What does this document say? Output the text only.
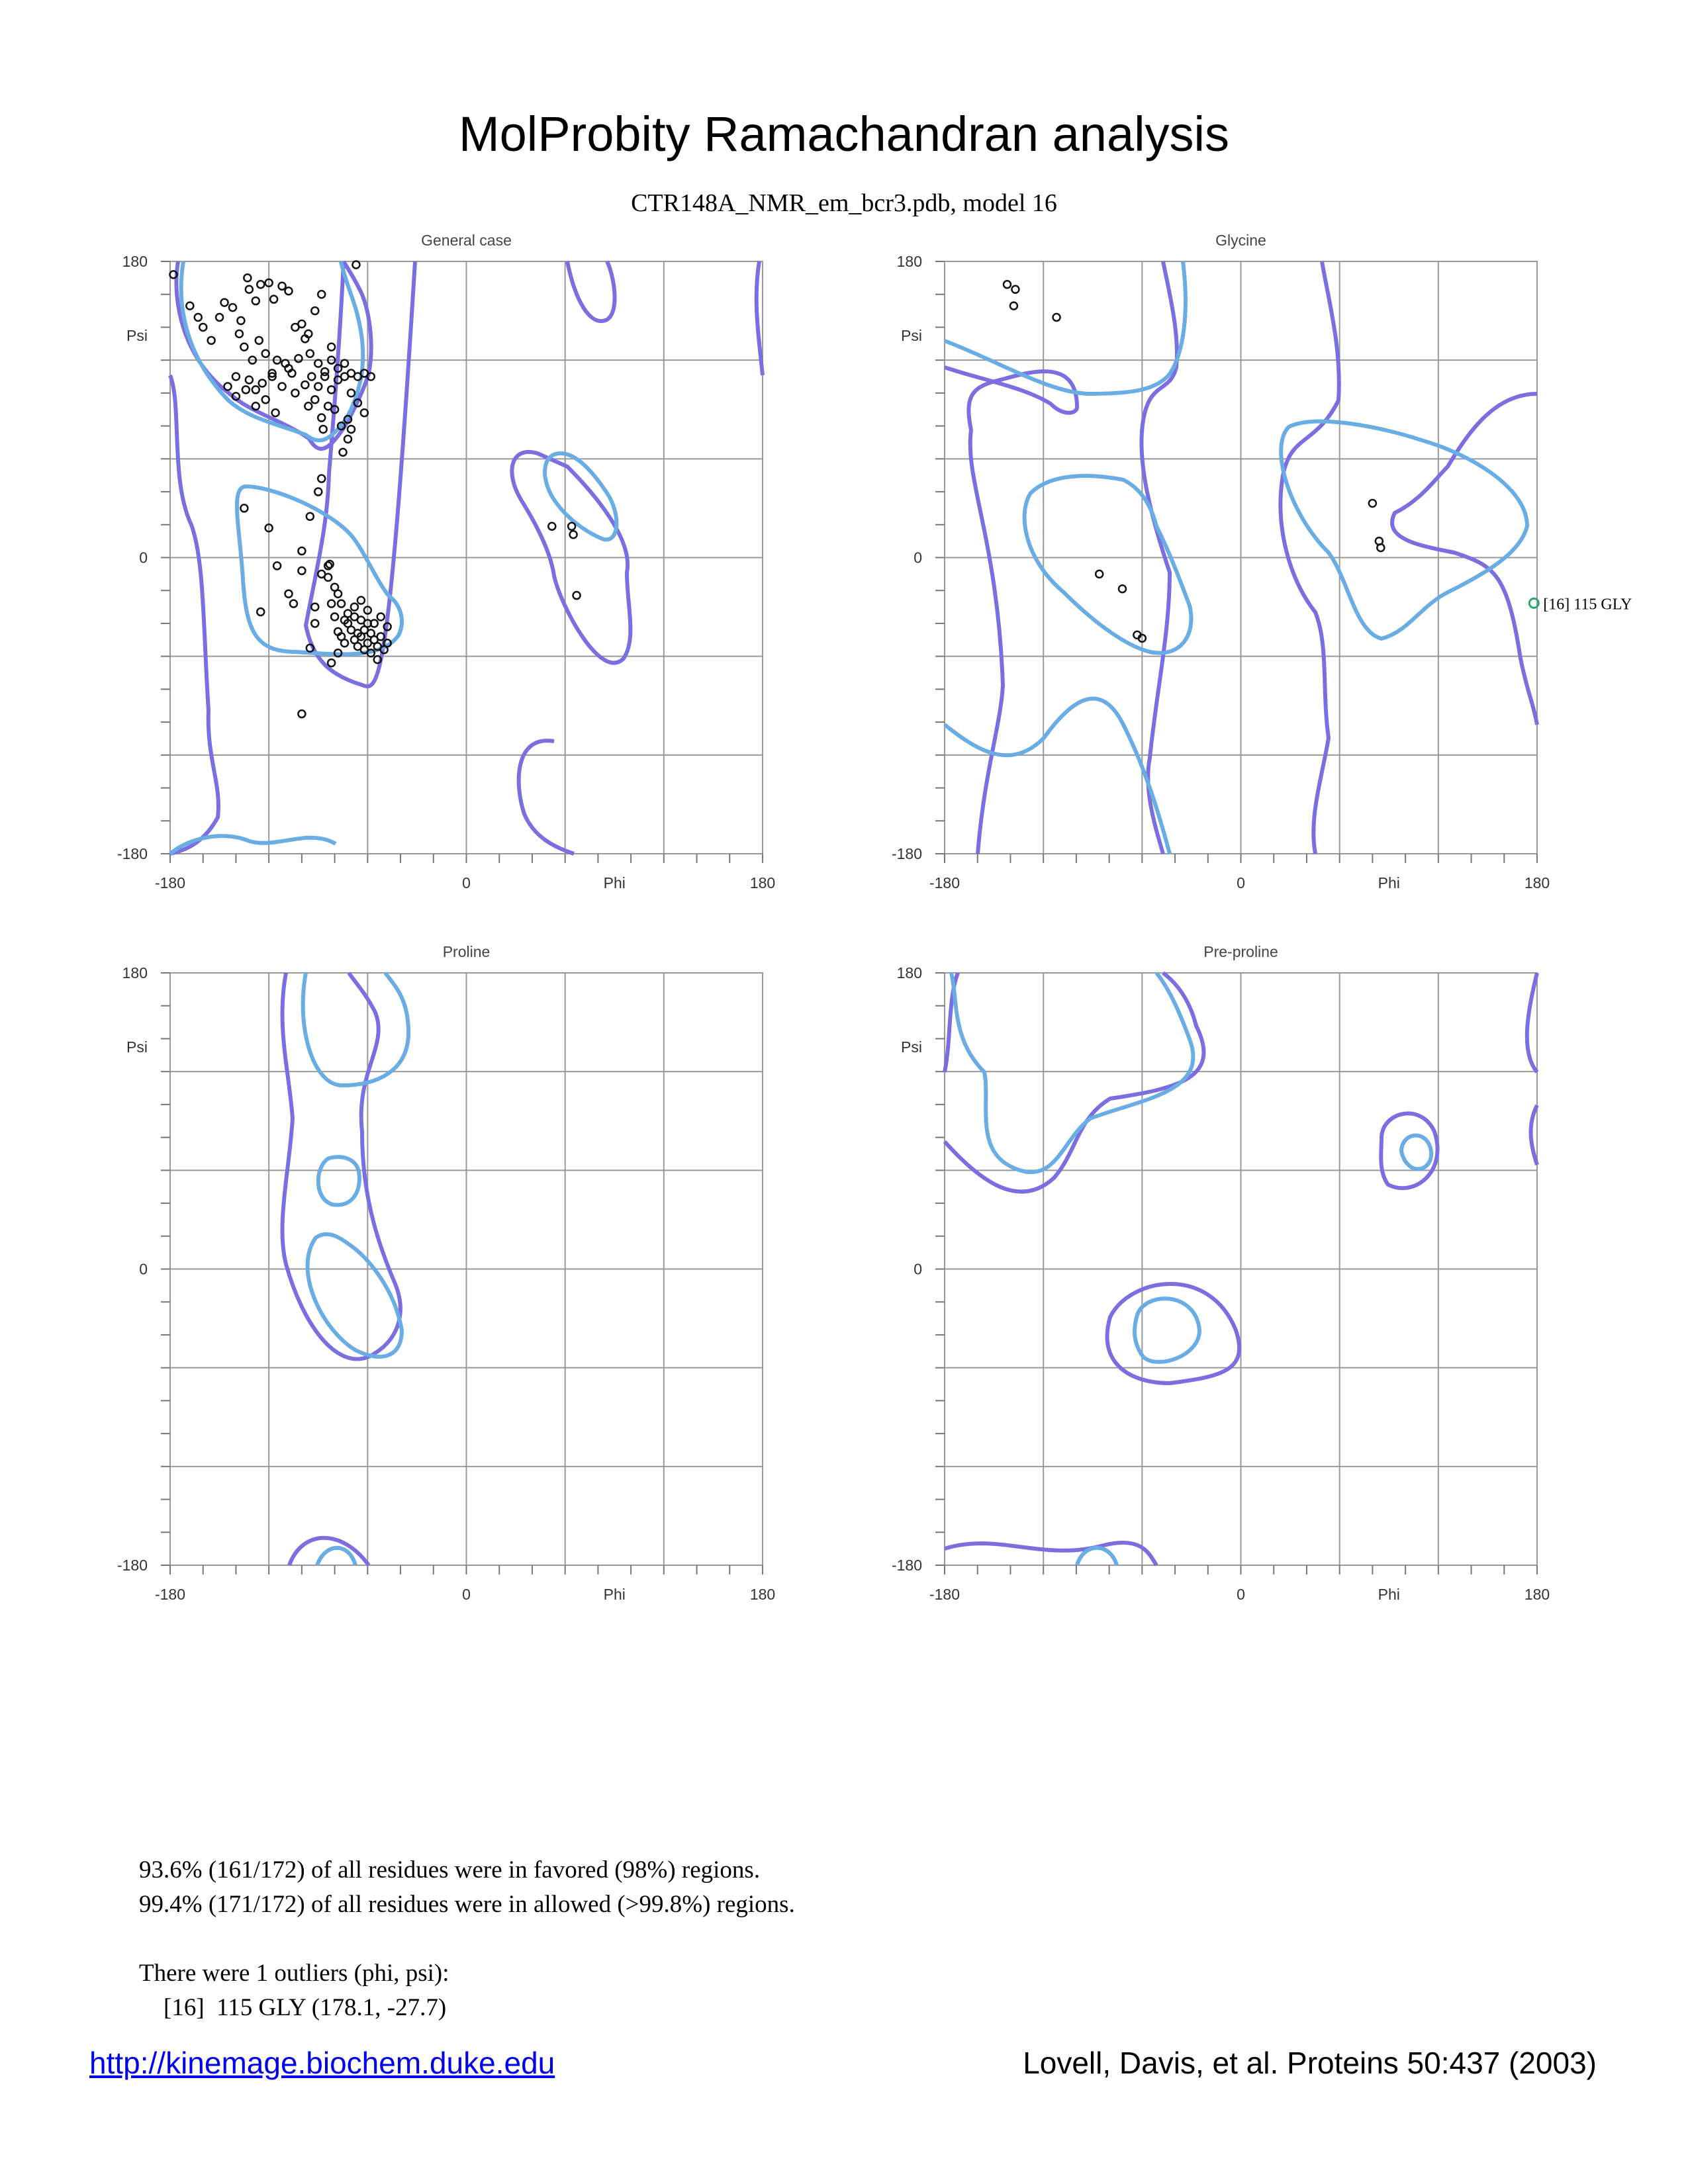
MolProbity Ramachandran analysis
CTR148A_NMR_em_bcr3.pdb, model 16
General case
180
Psi
0
-180
-180	0	Phi	180
Glycine
180
Psi
0
-180
-180	0	Phi	180
[16] 115 GLY
Proline
180
Psi
0
-180
-180	0	Phi	180
Pre-proline
180
Psi
0
-180
-180	0	Phi	180
93.6% (161/172) of all residues were in favored (98%) regions.
99.4% (171/172) of all residues were in allowed (>99.8%) regions.
There were 1 outliers (phi, psi):
[16]  115 GLY (178.1, -27.7)
http://kinemage.biochem.duke.edu	Lovell, Davis, et al. Proteins 50:437 (2003)
